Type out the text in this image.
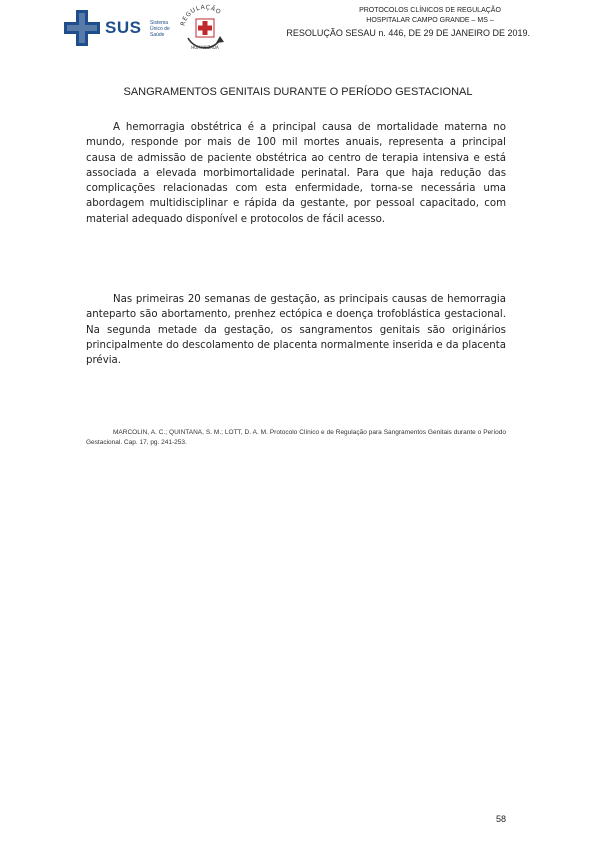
SUS Sistema Único de Saúde
REGULAÇÃO
HUMANIZADA
PROTOCOLOS CLÍNICOS DE REGULAÇÃO
HOSPITALAR CAMPO GRANDE – MS –
RESOLUÇÃO SESAU n. 446, DE 29 DE JANEIRO DE 2019.
SANGRAMENTOS GENITAIS DURANTE O PERÍODO GESTACIONAL

A hemorragia obstétrica é a principal causa de mortalidade materna no mundo, responde por mais de 100 mil mortes anuais, representa a principal causa de admissão de paciente obstétrica ao centro de terapia intensiva e está associada a elevada morbimortalidade perinatal. Para que haja redução das complicações relacionadas com esta enfermidade, torna-se necessária uma abordagem multidisciplinar e rápida da gestante, por pessoal capacitado, com material adequado disponível e protocolos de fácil acesso.

Nas primeiras 20 semanas de gestação, as principais causas de hemorragia anteparto são abortamento, prenhez ectópica e doença trofoblástica gestacional. Na segunda metade da gestação, os sangramentos genitais são originários principalmente do descolamento de placenta normalmente inserida e da placenta prévia.

MARCOLIN, A. C.; QUINTANA, S. M.; LOTT, D. A. M. Protocolo Clínico e de Regulação para Sangramentos Genitais durante o Período Gestacional. Cap. 17, pg. 241-253.

58
